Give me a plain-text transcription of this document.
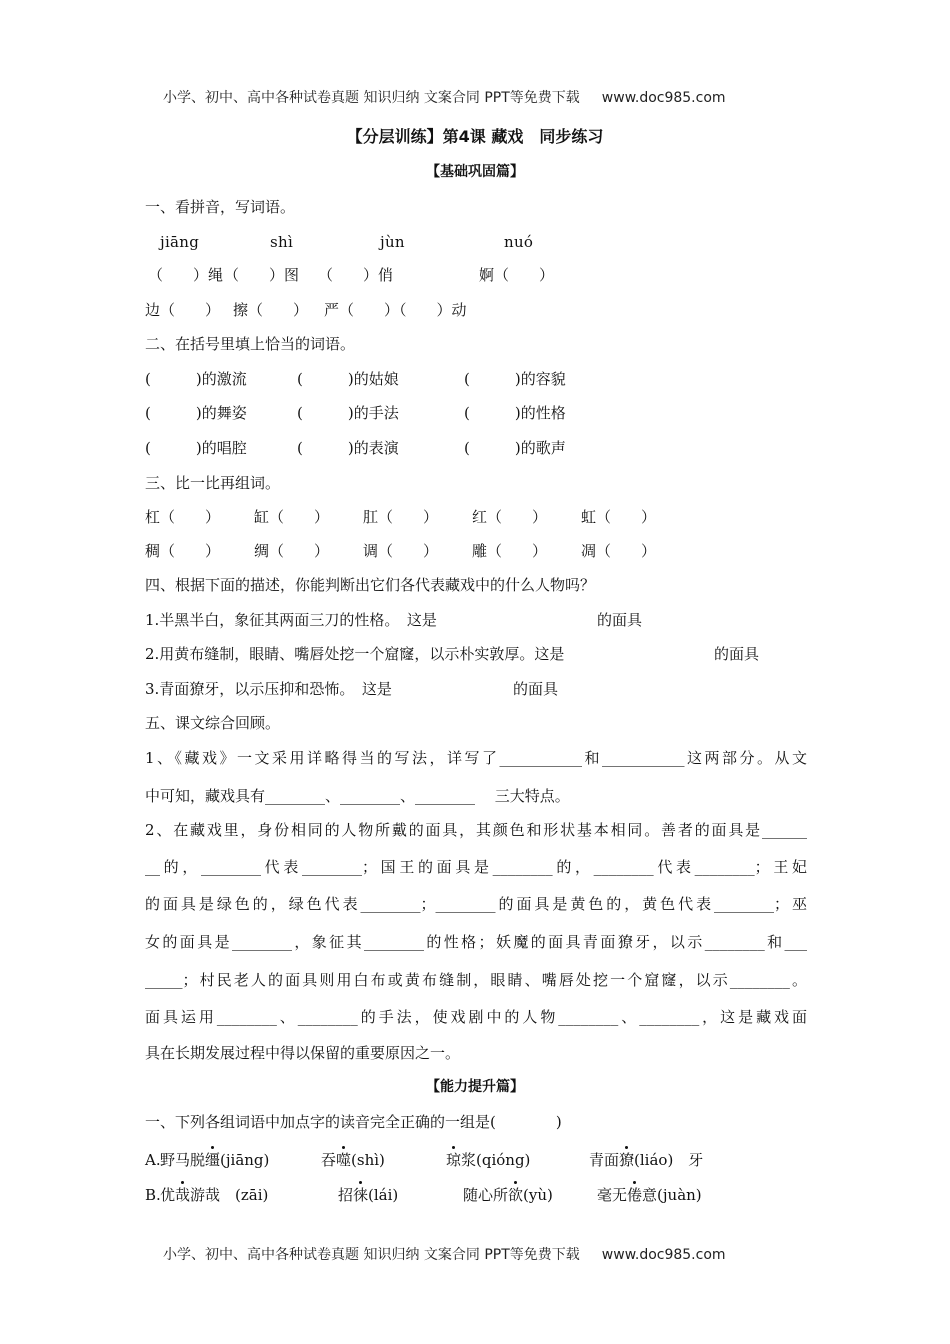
小学、初中、高中各种试卷真题 知识归纳 文案合同 PPT等免费下载 www.doc985.com
【分层训练】第4课 藏戏　同步练习
【基础巩固篇】
一、看拼音，写词语。
jiāng	shì	jùn	nuó
（　　）绳 （　　）图 （　　）俏	婀（　　）
边（　　） 擦（　　） 严（　　）（　　）动
二、在括号里填上恰当的词语。
(　　　)的激流	(　　　)的姑娘	(　　　)的容貌
(　　　)的舞姿	(　　　)的手法	(　　　)的性格
(　　　)的唱腔	(　　　)的表演	(　　　)的歌声
三、比一比再组词。
杠（　　） 缸（　　） 肛（　　） 红（　　） 虹（　　）
稠（　　） 绸（　　） 调（　　） 雕（　　） 凋（　　）
四、根据下面的描述，你能判断出它们各代表藏戏中的什么人物吗？
1.半黑半白，象征其两面三刀的性格。　这是	的面具
2.用黄布缝制，眼睛、嘴唇处挖一个窟窿，以示朴实敦厚。这是	的面具
3.青面獠牙，以示压抑和恐怖。　这是	的面具
五、课文综合回顾。
1、《藏戏》一文采用详略得当的写法，详写了___________和___________这两部分。从文
中可知，藏戏具有________、________、________　 三大特点。
2、在藏戏里，身份相同的人物所戴的面具，其颜色和形状基本相同。善者的面具是______
__的，________代表________；国王的面具是________的，________代表________；王妃
的面具是绿色的，绿色代表________；________的面具是黄色的，黄色代表________；巫
女的面具是________，象征其________的性格；妖魔的面具青面獠牙，以示________和___
_____；村民老人的面具则用白布或黄布缝制，眼睛、嘴唇处挖一个窟窿，以示________。
面具运用________、________的手法，使戏剧中的人物________、________，这是藏戏面
具在长期发展过程中得以保留的重要原因之一。
【能力提升篇】
一、下列各组词语中加点字的读音完全正确的一组是(　　　　)
A. 野马脱缰(jiāng)	吞噬(shì)	琼浆(qióng)	青面獠(liáo)　牙
B. 优哉游哉　(zāi)	招徕(lái)	随心所欲(yù)	毫无倦意(juàn)
小学、初中、高中各种试卷真题 知识归纳 文案合同 PPT等免费下载 www.doc985.com
